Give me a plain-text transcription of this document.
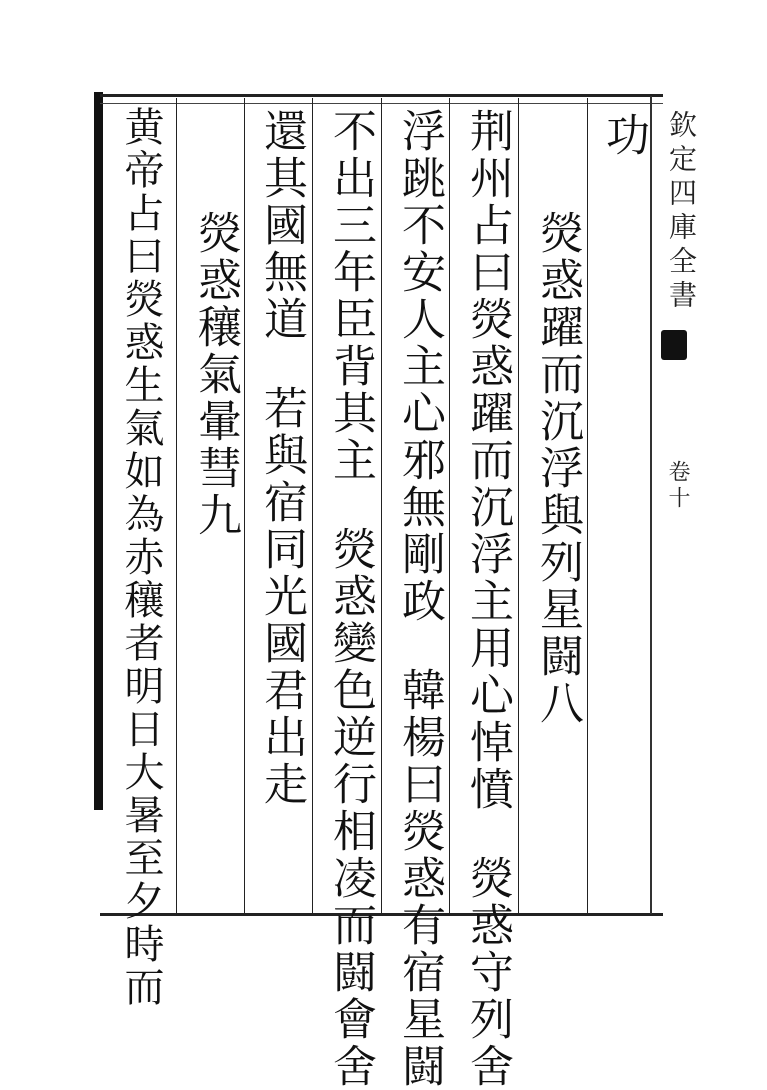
欽定四庫全書
卷十
功
熒惑躍而沉浮與列星闘八
荆州占曰熒惑躍而沉浮主用心悼憤熒惑守列舍
浮跳不安人主心邪無剛政韓楊曰熒惑有宿星闘
不出三年臣背其主熒惑變色逆行相凌而闘會舍
還其國無道若與宿同光國君出走
熒惑穰氣暈彗九
黄帝占曰熒惑生氣如為赤穰者明日大暑至夕時而
